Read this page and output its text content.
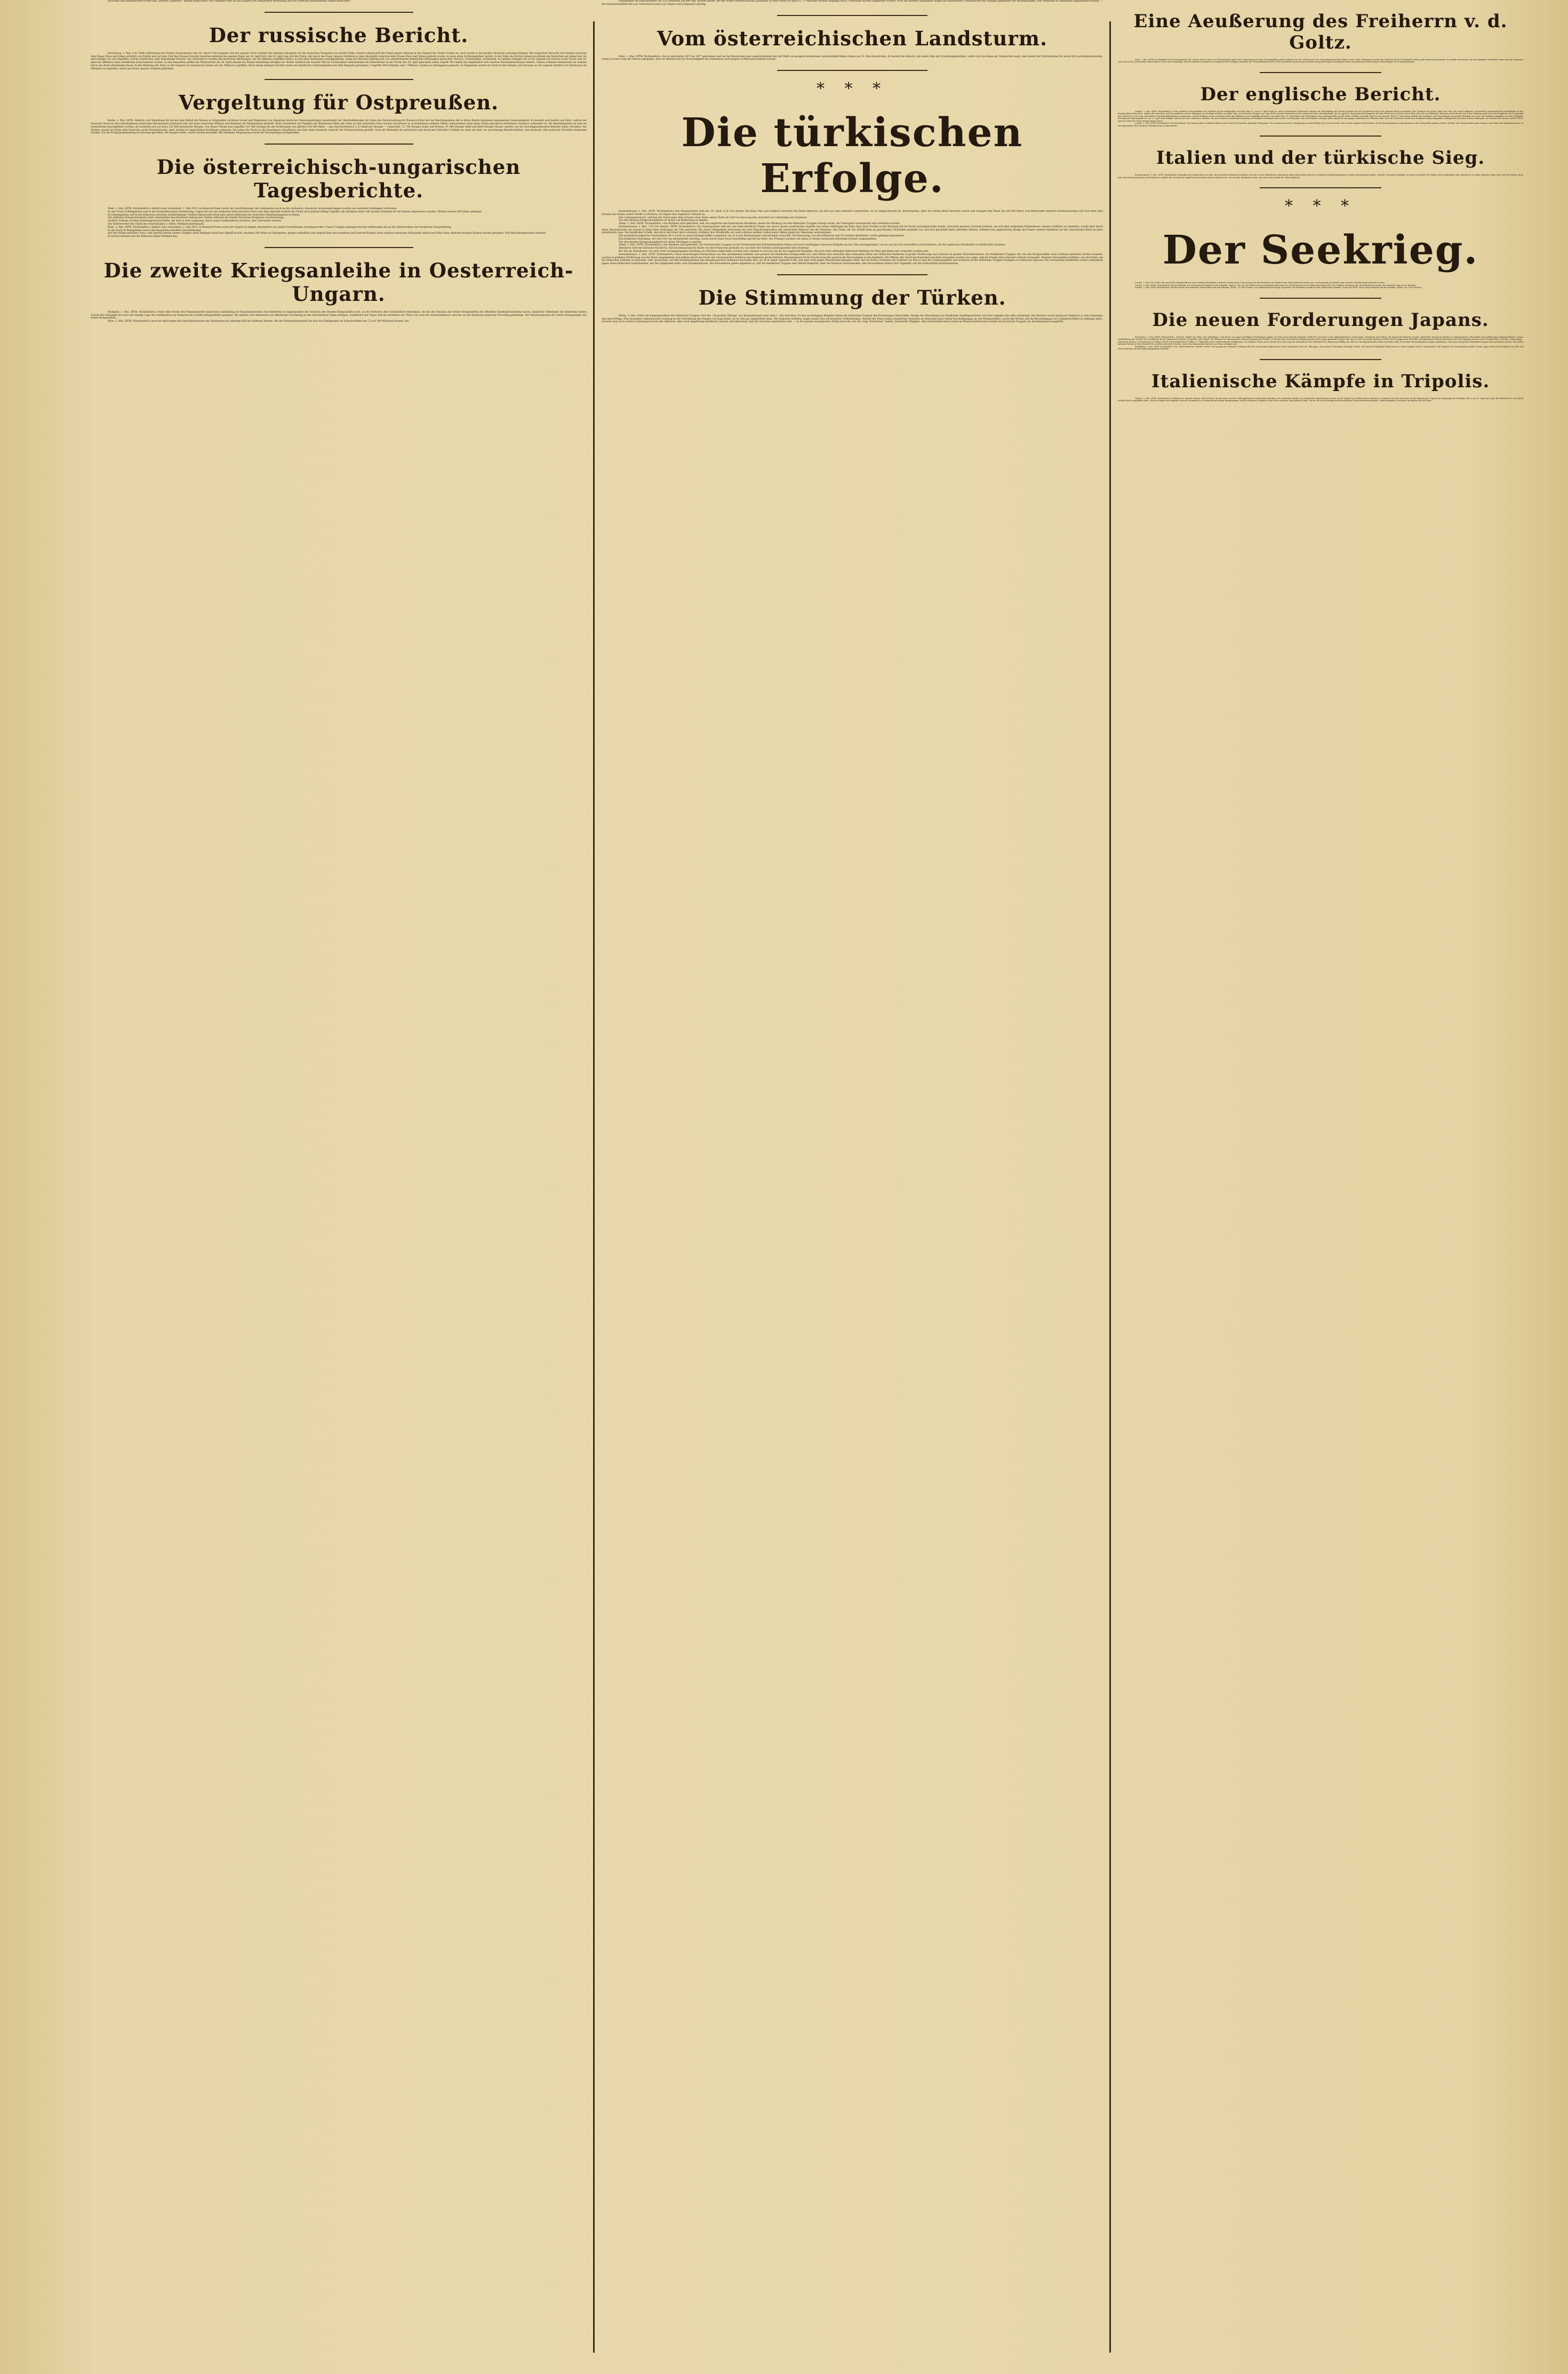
zösischen und holländischen Presse laut „Berliner Tageblatt.“ lebhaft besprochen. Das Vorgehen wird als ein Ereignis von allergrößter Bedeutung und von vielleicht unabsehbaren Folgen bezeichnet.

Der russische Bericht.

Petersburg, 1. Mai. (Ctr. Frkft.) Mitteilung des Großen Generalstabs vom 30. April 9 Uhr morgens: Auf der ganzen Front westlich des Njemen behaupten wir die deutschen Vorposten aus dichter Nähe. Gestern abend griff der Feind unsere Stellung in der Gegend des Dorfes Sodnia an, doch wurde er mit großen Verlusten zurückgeschlagen. Die tragischen Versuche des Feindes zwischen dem Flusse Pissa und Szkwa nördlich von Nadlin und auf dem Ufer des Flusses Orschitz dauerten während des ganzen Tages am 29. April fort. Am 29. April zog sich der Feind, der durch das Feuer unserer Artillerie in dem Abschnitte zwischen dem Flusse Pissa und Szkwa gedeckt wurde, in seine alten Schützengräben zurück. In der Nähe des Dorfes Jednorosz erlitten die Deutschen am Abend des 28. April infolge von vier Angriffen, welche scheiterten, sehr bedeutende Verluste. Bei Stanislawow wurden die deutschen Abteilungen, die die Offensive ergriffen hatten, in ihre alten Stellungen zurückgedrängt. Längs der Weichsel mißlang ein von unbedeutenden feindlichen Abteilungen gemachter Versuch, vorzudringen, vollständig. In Galizien schlugen wir in der Gegend von Gorlice in der Nacht vom 29. April die Offensive eines feindlichen Detachements zurück. In den Karpathen griffen die Österreicher am 28. April abends bei Polany neuerdings erfolglos an. Weiter nördlich am Uzsoker Paß im Tuchlewatale unternahmen die Österreicher in der Nacht des 28. April gleichfalls einen Angriff. Wir ließen ihn ungehindert sich unseren Eisendrahtverhauen nähern. Unsere Soldaten dezimierten sie alsdann durch ein stark anhaltendes Feuer. In der Richtung des Stryj, in der Gegend von Holowiecko haben wir die Offensive ergriffen. Nach einem heftigen Vorstoß wurde ein feindlicher Schützengraben mit dem Bajonett genommen. Ungefähr 400 Soldaten und 7 Offiziere wurden zu Gefangenen gemacht. In Ostgalizien wurde ein Versuch des Feindes, bei Zurawno in der Gegend nördlich von Nadworna die Offensive zu ergreifen, durch das Feuer unserer Artillerie gehemmt.

Vergeltung für Ostpreußen.

Berlin, 1. Mai. (WTB. Amtlich.) Als Vergeltung für die bei dem Einfall der Russen in Ostpreußen verübten Greuel und Wegnahme von Eigentum deutscher Staatsangehöriger beauftragte der Oberbefehlshaber im Osten die Zivilverwaltung für Russisch-Polen mit der Beschlagnahme der in ihrem Bezirk belegenen sogenannten Donationsgüter. Es handelt sich hierbei um Güter, welche der russische Staat bei den verschiedenen polnischen Revolutionen konfisziert hat und dann russischen Militärs und Beamten zur Nutznießung überließ. Beim Aussterben der Familien der Beliehenen fallen die Güter an den russischen Staat zurück und ebenso in verschiedenen anderen Fällen, insbesondere wenn keine Erben griechisch-orthodoxen Glaubens vorhanden ist. Die Beschlagnahme ist jetzt im wesentlichen durchgeführt worden; sie erstreckt sich auf etwa 232 000 preußische Morgen. Von dieser Fläche sind ungefähr 107 000 Morgen für die Pachtsumme von jährlich 356 000 Mark — also durchschnittlich 3.33 Mark pro Morgen — verpachtet. 21 700 Morgen Äcker und Wiesen, 97 000 Morgen Wald und 6400 Morgen Wasser werden von der beschlagnahmenden Behörde selbst verwaltet. Die Pächter, soweit sie Polen oder Deutsche, nicht Nationalrussen, sind, wurden in ungestörtem Pachtbesitz gelassen. Sie haben die Pacht an die Staatskasse abzuführen und sind unter dauernde Aufsicht der Zivilverwaltung gestellt. Auch die Mehrzahl der polnischen und deutschen Verwalter verblieb im Amte mit dort, wo zuverlässige Beamte fehlten, sind deutsche oder polnische Verwalter eingesetzt worden. Für die Frühjahrsbestellung ist Vorsorge getroffen. Wo Saatgut fehlte, wurde solches beschafft. Bei fehlender Bespannung wurde mit Motorpflügen nachgeholfen.

Die österreichisch-ungarischen Tagesberichte.

Wien, 1. Mai. (WTB. Nichtamtlich.) Amtlich wird verlautbart: 1. Mai 1915. In Russisch-Polen wurde der Geschützkampf, der stellenweise auch nachts andauerte. Russische Sicherungstruppen wurden aus mehreren Stellungen vertrieben.

An der Front in Westgalizien und in den Karpathen keine Veränderung. Gegen die von uns eroberten Seen zwischen Orava und dem Oportale richtete der Feind auch gestern heftige Angriffe, die abermals unter sehr großen Verlusten für die Russen abgewiesen wurden. Hierbei wurden 500 Mann gefangen.

In Südostgalizien und in der Bukowina zeitweise Artilleriekampf. Südlich Zaleszczyki schoß eine unsere Batterien ein russisches Munitionsmagazin in Brand.

Am südlichen Kriegsschauplatz außer vereinzelten Geschützfeuer entlang der Grenze während der letzten Zeit keine Ereignisse von Bedeutung.

Oestlich Trebinje wurden montenegrinische Kräfte, die sich zu weit vorgewagt, durch unser Artilleriefeuer zerstreut, ihre Unterkunft zerstört.

Der Stellvertreter des Chefs des Generalstabes v. Höfer, Feldmarschalleutnant.

Wien, 2. Mai. (WTB. Nichtamtlich.) Amtlich wird verlautbart: 2. Mai 1915. In Russisch-Polen wurde der Gegner in einigen Abschnitten aus seinen Vorstellungen zurückgeworfen. Unsere Truppen gelangten hierbei stellenweise bis an die Hindernislinie der feindlichen Hauptstellung.

In der Front in Westgalizien und in den Karpathen lebhafter Geschützkampf.

Auf den Höhen zwischen Orava- und Oportal warfen unsere Truppen einen heftigen russischen Angriff zurück, machten 200 Mann zu Gefangenen, gingen schließlich zum Angriff über und eroberten nach hartem Kampfe einen starken russischen Stützpunkt östlich der Höhe Ostry. Mehrere hundert Russen wurden gefangen, fünf Maschinengewehre erbeutet.

In Südost-Galizien und der Bukowina keine Veränderung.

Die zweite Kriegsanleihe in Oesterreich-Ungarn.

Budapest, 1. Mai. (WTB. Nichtamtlich.) Unter dem Vorsitz des Finanzministers fand heute nachmittag im Finanzministerium eine Konferenz in Angelegenheit der Emission der zweiten Kriegsanleihe statt, an der Vertreter aller Geldinstitute teilnahmen, die bei der Emission der ersten Kriegsanleihe die offiziellen Subskriptionsstellen waren. Sämtliche Teilnehmer der Konferenz fanden sowohl den Zeitpunkt wie auch die heutige Lage des Geldmarktes zur Emission der zweiten Kriegsanleihe geeignet. Die Anleihe wird demnächst zur öffentlichen Zeichnung in den allernächsten Tagen erfolgen. Ausführlich des Typus und des Zinsfußes der Titres wie auch des Emissionskurses wird der an der Konferenz gemachte Vorschlag genehmigt. Der Emissionsmodus der ersten Kriegsanleihe der ersten Kriegsanleihe.

Wien, 2. Mai. (WTB. Nichtamtlich.) Auch im April zeigen die Geschäftsausweise der Sparkassen das günstige Bild der früheren Monate. Bei der Postsparkassenamt hat sich das Einlagesaldo im Scheckverkehr um 2,3 auf 184 Millionen Kronen, das

Einlagesaldo im Scheckverkehr um 25¼ Millionen auf 689 Mill. Kronen erhöht. Bei der ersten österreichischen Sparkasse in Wien waren im April ca. 17 Millionen Kronen eingelegt und 8,3 Millionen Kronen abgehoben worden. Auch die anderen Sparkassen zeigen ein bedeutendes Uebergewicht der Einlagen gegenüber der Rückzahlungen. Der Geldstand ist andauernd ungewöhnlich flüssig. — Die Saatenstandsberichte aus Oesterreich sowie aus Ungarn sind fortgesetzt günstig.

Vom österreichischen Landsturm.

Wien, 1. Mai. (WTB. Nichtamtlich.) Die in den Jahren 1873 bis 1877 geborenen und bei der Musterung zum Landsturmdienst mit der Waffe als geeignet befundenen Landsturmpflichtigen haben am 15. Mai einzurücken. Es besteht die Absicht, bei einem Teile der Ersatztruppenkörper, sofern sich bei ihnen ein Ueberschuß zeigt, eine Anzahl der Einrückenden für kurze Zeit zurückzubeurlauben, wobei in erster Linie die älteren Jahrgänge, aber im Hinblick auf die Notwendigkeit des Feldanbaus auch jüngere in Betracht kommen werden.

* * *
Die türkischen Erfolge.

Konstantinopel, 1. Mai. (WTB. Nichtamtlich.) Das Hauptquartier teilt mit: 30. April, 8,25 Uhr abends: Bei Kaba Tepe und Gallipoli versuchte der Feind Aktionen, um sich aus dem schmalen Landstreifen, wo er eingeschlossen ist, freizumachen. Aber wir wiesen diese Versuche zurück und zwangen den Feind, bis auf 500 Meter vom Meeresufer entfernt zurückzuweichen und sich unter dem Schutze des Feuers seiner Schiffe zu flüchten; wir fügten ihm ungeheure Verluste zu.

Den Landungsversuch, welchen der Feind unter dem Schutze eines Teiles seiner Flotte im Golf von Saros machte, brachten wir vollständig zum Scheitern.

Von den übrigen Kriegsschauplätzen ist nichts von Bedeutung zu melden.

Athen, 1. Mai. (WTB. Nichtamtlich.) Aus Mytilene wird gebrahtet, daß vier englische und französische Bataillone, denen der Rückzug von den türkischen Truppen verlegt wurde, die Uebergabe verweigerten und vernichtet wurden.

Konstantinopel, 1. Mai. 7,55 Uhr abends. (WTB. Nichtamtlich.) Das Hauptquartier teilt mit: Der linke feindliche Flügel, der durch unsere wiederholten Angriffe aus seinen Stellungen bei Kaba Tepe nach Norden in der Richtung auf Ari Burnu zurückgeworfen wurde, versuchte gestern vorzumarschieren, um sich dem wirksamen Flankenfeuer unserer Artillerie zu entziehen, wurde aber durch einen Bajonettsturm von neuem in seine alten Stellungen am Ufer getrieben. Bei dieser Gelegenheit erbeuteten wir zwei Maschinengewehre mit sämtlichem Material und der Munition. Der Feind, der bei Seddül Bahr an geschützten Uferstellen gelandet war und sich geschützt hatte aufstellen können, befindet sich gegenwärtig infolge des Feuers unserer Batterien auf der anatolischen Küste in einer unhaltbaren Lage. Die feindlichen Schiffe, die durch das Feuer ihrer schweren Artillerie ihre Streitkräfte an Land schützen mußten, haben keine Aktion gegen die Meerenge unternommen.

Das australisch-englische Unterseeboot AE 2 wurde in unsren Kriegsschiffen vorgestern, als es in das Marmarameer einzudringen versuchte. Die Besatzung, aus drei Offizieren und 29 Soldaten bestehend, wurde gefangen genommen.

Ein feindlicher Hydroplan, der den Golf von Alexandrette überflog, wurde durch unser Feuer beschädigt und fiel ins Meer. Die Trümmer wurden von einem in diesen Gewässern fahrenden Kreuzer aufgenommen.

Von den übrigen Kriegsschauplätzen ist nichts Wichtiges zu melden.

Athen, 2. Mai. (WTB. Nichtamtlich.) Aus Mytilene wird gemeldet: Die französischen Truppen an der Nordasiatischen Dardanellenküste haben sich nach zweitägigen schweren Kämpfen an das Ufer zurückgezogen, von wo aus sie sich einschifften und fortfuhren, als die englischen Streitkräfte in Seddül Bahr landeten.

Hierdurch wird die türkische Nachricht, daß die kleinasiatische Küste von den Franzosen geräumt sei, von einer der Entente naheliegenden Seite bestätigt.

Bei den der Bataillonen, die nach einer vorangegangenen Meldung aus Mytilene aufgerieben worden sind, handelt es sich nur um die der englischen Brigaden, die nach einer offiziellen türkischen Meldung ins Meer getrieben und vernichtet worden sind.

Konstantinopel, 2. Mai. (WTB. Nichtamtlich.) Nach zuverlässigen Nachrichten von den Dardanellen befinden sich gestern die feindlichen Kriegsschiffe auf, und fuhren sich weiterhin dem wirksamen Feuer der türkischen Batterien in großer Entfernung und schossen in großen Zwischenräumen. Die feindlichen Truppen, die von den Kriegsschiffen nicht wirksam geschützt werden konnten, wurden in größerer Entfernung von der Küste eingeklemmt und erlitten durch das Feuer der ottomanischen Artillerie und Infanterie große Verluste. Kriegsminister Enver Pascha besuchte gestern die Verwundeten in den Spitälern. Ein Offizier, der durch ein Dum-Dum-Geschoß verwundet worden war, sagte, daß die Freude über Geschoß vielfach verwendet. Mehrere Verwundete erzählten, wie der Feind, um die türkischen Soldaten zu täuschen, oder anzulocken, auf den Schützengräben den muselmanischen Gebetsruf erschallen läßt, als ob er damit andeuten wolle, daß man nicht gegen Muselmanen kämpfen dürfe. Bei Ari Burnu verliessen die Soldaten vor Zeit zu Zeit die Schützengräben und richteten an die türkischen Truppen Predigten in arabischer Sprache. Ein verwundeter feindlicher Soldat schleuderte gegen einen türkischen Sanitätssoldat, der ihn aufgehoben hatte, eine Dynamitpatrone. Die Verwundeten geben allgemein zu, daß die feindlichen Truppen sehr lebhaft kämpften, aber die Munition verschwenden. Alle Verwundeten äußern ihre Ungeduld, auf das Schlachtfeld zurückzukehren.

Die Stimmung der Türken.

Berlin, 3. Mai. Ueber die Siegesgewißheit der türkischen Truppen wird der „Vossischen Zeitung“ aus Konstantinopel unter dem 1. Mai berichtet: Zu den sechstägigen Kämpfen haben die türkischen Truppen alle Erwartungen übertroffen. Infolge der Mitwirkung von feindlichen Schiffsgeschützen war ihre Aufgabe eine sehr schwierige. Die Verluste waren gering im Vergleich zu den Leistungen und dem Erfolge. Eine besonders rühmenswerte Leistung ist die Vertreibung des Feindes von Kum Kaleh, wo er sich gut eingerichtet hatte. Die türkische Artillerie zeigte wieder ihre oft bewährte Treffsicherheit. Obwohl der Feind neben erheblichen Verlusten an Menschen auch ernste Beschädigungen an vier Kriegsschiffen, sowie den Verlust und die Beschädigung von Transportschiffen zu beklagen hatte, erwartet man doch weitere Landungsversuche der Alliierten. Aber auch Angehörige feindlicher Staaten sind überzeugt, daß alle Versuche aussichtslos sind. — In der ganzen europäischen Türkei herrscht, wie die „Tägl. Rundschau“ meldet, fieberhafte Tätigkeit. Alle ostwärtsführenden Linien im Mannschaftsbestand wurden durch frische Truppen aus Konstantinopel ausgefüllt.

Eine Aeußerung des Freiherrn v. d. Goltz.

Wien, 2. Mai. (WTB. Nichtamtlich.) Der Korrespondent der „Neuen Freien Presse“ in Konstantinopel hatte eine Unterredung mit dem Generalfeldmarschall Freiherrn von der Goltz Pascha. Der Generalfeldmarschall erklärte, daß er den Landungsversuchen der Alliierten bei den Dardanellen keine große Bedeutung beimesse. Er zweifle nicht daran, daß die Engländer schließlich ebenso wie die Franzosen sich wird an das Land werden halten können. Nach der Feststellung, daß die türkischen Soldaten sich ausgezeichnet schlagen, bemerkte der Generalfeldmarschall, in Wien und Berlin brauche man sich über die gegenwärtigen Landungsversuche der Alliierten ebensowenig zu beunruhigen wie in Konstantinopel.

Der englische Bericht.

London, 1. Mai. (WTB. Nichtamtlich.) In der amtlichen Beschreibung der Gefechte an den Dardanellen zwischen dem 25. und 29. April heißt es: Sechs verschiedene Küstenorte wurden zur Ausschiffung des Heeres benutzt und die Operationen durch die gesamte Flotte unterstützt. Das Ergebnis des ersten Tages war, daß sich starke englische, australische und französische Streitkräfte an drei Hauptpunkten festsetzten, nämlich die Australier und Neuseeländer auf den Abhängen von Saritbair nördlich von Kaba Tepe, die britischen Truppen am Cape Helles und die Franzosen auf der asiatischen Küste bei Kumkaleh. Am 26. April bei Tagesanbruch behauptete sich der Feind noch im Dorfe Sed ul Bahr, das voll von Erdhöhlen, Kanonen und Verhauen war. Diese Stellung wurde durch die Engländer im Frontangriff quer durch die noch nicht vernichteten Stacheldrahthindernisse genommen. Unsere Stellung wurde an diesem Ende der Halbinsel somit endgültig gesichert. Am Abend des 27. April hatten die Verbündeten die Landungsstellen an der Küste nördlich von Kaba Tepe bis zur Batterie Totts (?). Inzwischen rückten die Australier und Neuseeländer mit großer Kühnheit vor, trotz sehr heftigen Angriffen, um sich Stellungen fortwährend Gegenangriffe ab. Am 27. April fand heftiger Gefecht mit einer türkischen Division, die nach schwerer Artilleriebeschießung auf Saritbair zurückgeworfen wurde. Die Australier und Neuseeländer schlugen jeden Angriff ab und gingen schließlich zur Offensive über. Auch die Franzosen wurden bei Kumkaleh heftig angegriffen, behaupteten sich aber in allen Stellungen. Die Verluste des Heeres und der Flotte sind der Natur der Sache entsprechend schwer.

London, 1. Mai. (WTB. Nichtamtlich.) Reutermeldung. Der König sandte an Admiral Robeck und General Sir Hamilton folgendes Telegramm: Ich vernahm mit großer Genugtuung von dem Erfolge, der erreicht wurde und von dem tapferen Widerstande, der bei den kombinierten Operationen an den Dardanellen geboten wurde. Ich bitte, den Mannschaften jeden Ranges, auch denen der Bundesgenossen, zu den glänzenden Taten herzliche Glückwünsche zu übermitteln.

Italien und der türkische Sieg.

Konstantinopel, 1. Mai. (WTB. Nichtamtlich.) Bezüglich der Nachrichten aus Rom, die den großen Eindruck feststellen, den die von der öffentlichen Meinung in Italien mit großem Interesse verfolgten Dardanellenkämpfe in Italien hervorgerufen haben, schreibt „Tercüman-i-Hakikat“ in einem Leitartikel: Die Siege in den Dardanellen sind, obwohl sie vor allem türkische Siege sind, auch für Italiens, denn jede Schwächung Englands und Frankreichs mindert das Gewicht der englisch-französischen Vorherrschaft zur See, die auf dem Mittelmeer lastet, und eine ernste Gefahr für Italien bedeutet.

* * *
Der Seekrieg.

London, 1. Mai. (Ctr. Frkft.) Ein russisches Dampfschiff mit einer Ladung Steinkohlen soll durch ein deutsches Unterseeboot an der Westküste von Irland in den Grund gebohrt worden sein. Die Besatzung ist gerettet und nach der Valentia-Inseln gebracht worden.

London, 2. Mai. (WTB. Nichtamtlich.) Reutermeldung. Der norwegische Dampfer ist der Dampfer „Sporno“ der von Port Talbot nach Archangelsk unterwegs war. Die Besatzung von 24 Mann hatte kaum Zeit, das Schiff zu verlassen, ehe die Deutschen feuerten. Der Dampfer sank in zwei Minuten.

London, 2. Mai. (WTB. Nichtamtlich.) Reuter meldet: Ein deutsches Unterseeboot hat den Dampfer „Edale“ (15 000 Tonnen), von Südamerika unterwegs, torpediert. Die Besatzung wurde bei den Scilly-Inseln gelandet. (Notiz des WTB.: Nach Lloyds Register hat der Dampfer „Edale“ nur 3100 Tonnen.)

Die neuen Forderungen Japans.

Petersburg, 2. Mai. (WTB. Nichtamtlich.) „Rjetsch“ meldet aus Tokio: Die endgültigen, vom Kaiser von Japan bestätigten Forderungen Japans an China sind nunmehr folgende: Politische Vorrechte in der Südmandschurei, Ostmongolei, Schantung und Fukien. Als japanische Wünsche wurden aufgestellt: Japanische Berater in administrativen, finanziellen und militärischen Angelegenheiten, Chinas Verpflichtung zum Erwerb von Grundbesitz für die japanischen Schulen, Hospitäler und Tempel, Errichtung einer gemeinsamen chinesisch-japanischen Polizei, 50 Prozent alles chinesischen Kriegsmaterials soll in Japan angekauft werden oder aber es soll ein Arsenal errichtet werden, das nur japanische Techniker und japanisches Material benutzen soll, Berechtigung zum Bau einer Eisenbahnlinie Utschau—Nantschang—Hantschou-Swatau, (?) Errichtung von Häfen, Docks und Eisenbahnen in Fukien, (?) Erlaubnis freier Ausbreitung des Buddhismus. Die Tokioter Presse weist auf den Ernst der Lage hin und kritisiert die Maßregeln der Regierung abfällig, die alles nur mit diplomatischen Wege erreichen wolle. Es werden Versammlungen in Japan abgehalten, worin ganz energische Maßnahmen gegen China gefordert werden. Eine dahin lautende Petition ist dem Minister des Aeußern überreicht worden, worin eine kategorische Antwort von China verlangt wird.

Rotterdam, 1. Mai. (WTB. Nichtamtlich.) Der „Rotterdamsche Courant“ meldet: Der japanische Gesandte in Peking teilte der chinesischen Regierung in einer mündlichen Note mit, daß Japan, wenn seine Forderungen bewilligt würden, die Frage der Rückgabe Kiautschous an China erwägen würde, vorausgesetzt, daß Tsingtau als Vertragshafen geöffnet würde. Japan würde die Eisenbahn, die Zoll- und Postverwaltung und die Regierungsgebäude behalten.

Italienische Kämpfe in Tripolis.

Tripolis, 2. Mai. (WTB. Nichtamtlich.) Meldung der Agenzia Stefani. Oberst Miani, der mit einer aus drei Waffengattungen bestehenden Abteilung, der zahlreiche Banden von Irregulären angeschlossen waren, in der Gegend von Orfella Syrtica operierte, erstattete aus dem Fort Syrte an die Regierung in Tripolis die telegraphische Meldung, daß er am 29. April das Lager der Rebellen bei Casr Buadi (südlich Syrte) angegriffen habe. Gleich zu Beginn des Kampfes seien die Irregulären in Unordnung zum Feinde übergegangen, weil die regulären Truppen in eine sehr schwierige Lage gebracht habe, aus der sie sich allerdings mit beträchtlichen Verlusten befreien konnten. Tapfer kämpfend, erreichten sie abends das Fort Syrte.
